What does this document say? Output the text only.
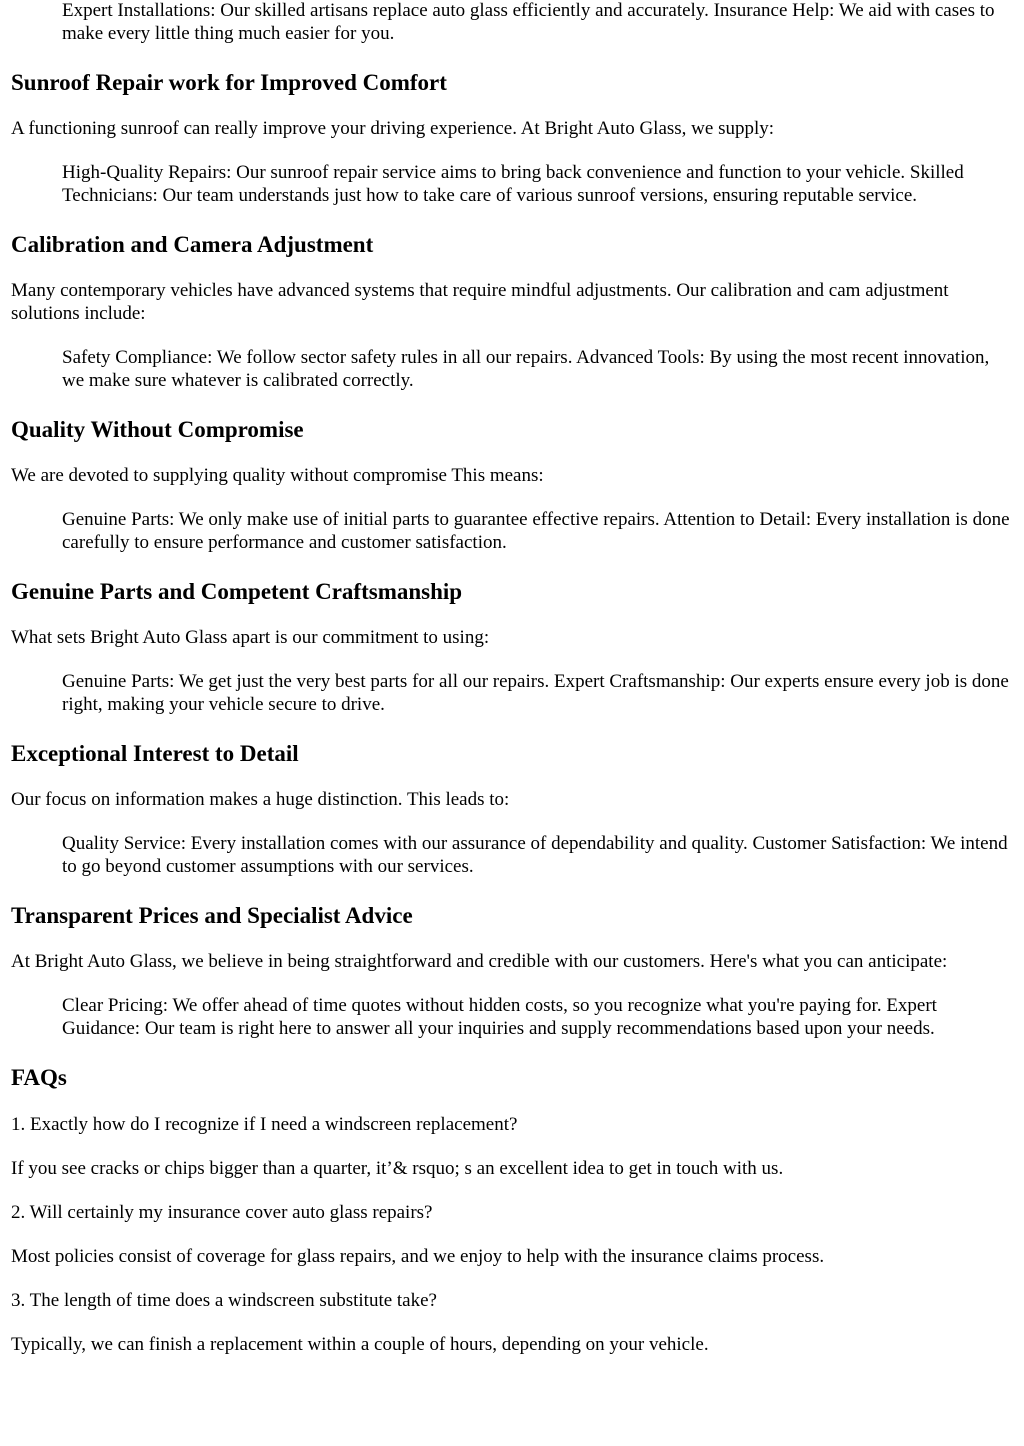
Expert Installations: Our skilled artisans replace auto glass efficiently and accurately. Insurance Help: We aid with cases to make every little thing much easier for you.

Sunroof Repair work for Improved Comfort

A functioning sunroof can really improve your driving experience. At Bright Auto Glass, we supply:

High-Quality Repairs: Our sunroof repair service aims to bring back convenience and function to your vehicle. Skilled Technicians: Our team understands just how to take care of various sunroof versions, ensuring reputable service.

Calibration and Camera Adjustment

Many contemporary vehicles have advanced systems that require mindful adjustments. Our calibration and cam adjustment solutions include:

Safety Compliance: We follow sector safety rules in all our repairs. Advanced Tools: By using the most recent innovation, we make sure whatever is calibrated correctly.

Quality Without Compromise

We are devoted to supplying quality without compromise This means:

Genuine Parts: We only make use of initial parts to guarantee effective repairs. Attention to Detail: Every installation is done carefully to ensure performance and customer satisfaction.

Genuine Parts and Competent Craftsmanship

What sets Bright Auto Glass apart is our commitment to using:

Genuine Parts: We get just the very best parts for all our repairs. Expert Craftsmanship: Our experts ensure every job is done right, making your vehicle secure to drive.

Exceptional Interest to Detail

Our focus on information makes a huge distinction. This leads to:

Quality Service: Every installation comes with our assurance of dependability and quality. Customer Satisfaction: We intend to go beyond customer assumptions with our services.

Transparent Prices and Specialist Advice

At Bright Auto Glass, we believe in being straightforward and credible with our customers. Here's what you can anticipate:

Clear Pricing: We offer ahead of time quotes without hidden costs, so you recognize what you're paying for. Expert Guidance: Our team is right here to answer all your inquiries and supply recommendations based upon your needs.

FAQs

1. Exactly how do I recognize if I need a windscreen replacement?

If you see cracks or chips bigger than a quarter, it’& rsquo; s an excellent idea to get in touch with us.

2. Will certainly my insurance cover auto glass repairs?

Most policies consist of coverage for glass repairs, and we enjoy to help with the insurance claims process.

3. The length of time does a windscreen substitute take?

Typically, we can finish a replacement within a couple of hours, depending on your vehicle.
